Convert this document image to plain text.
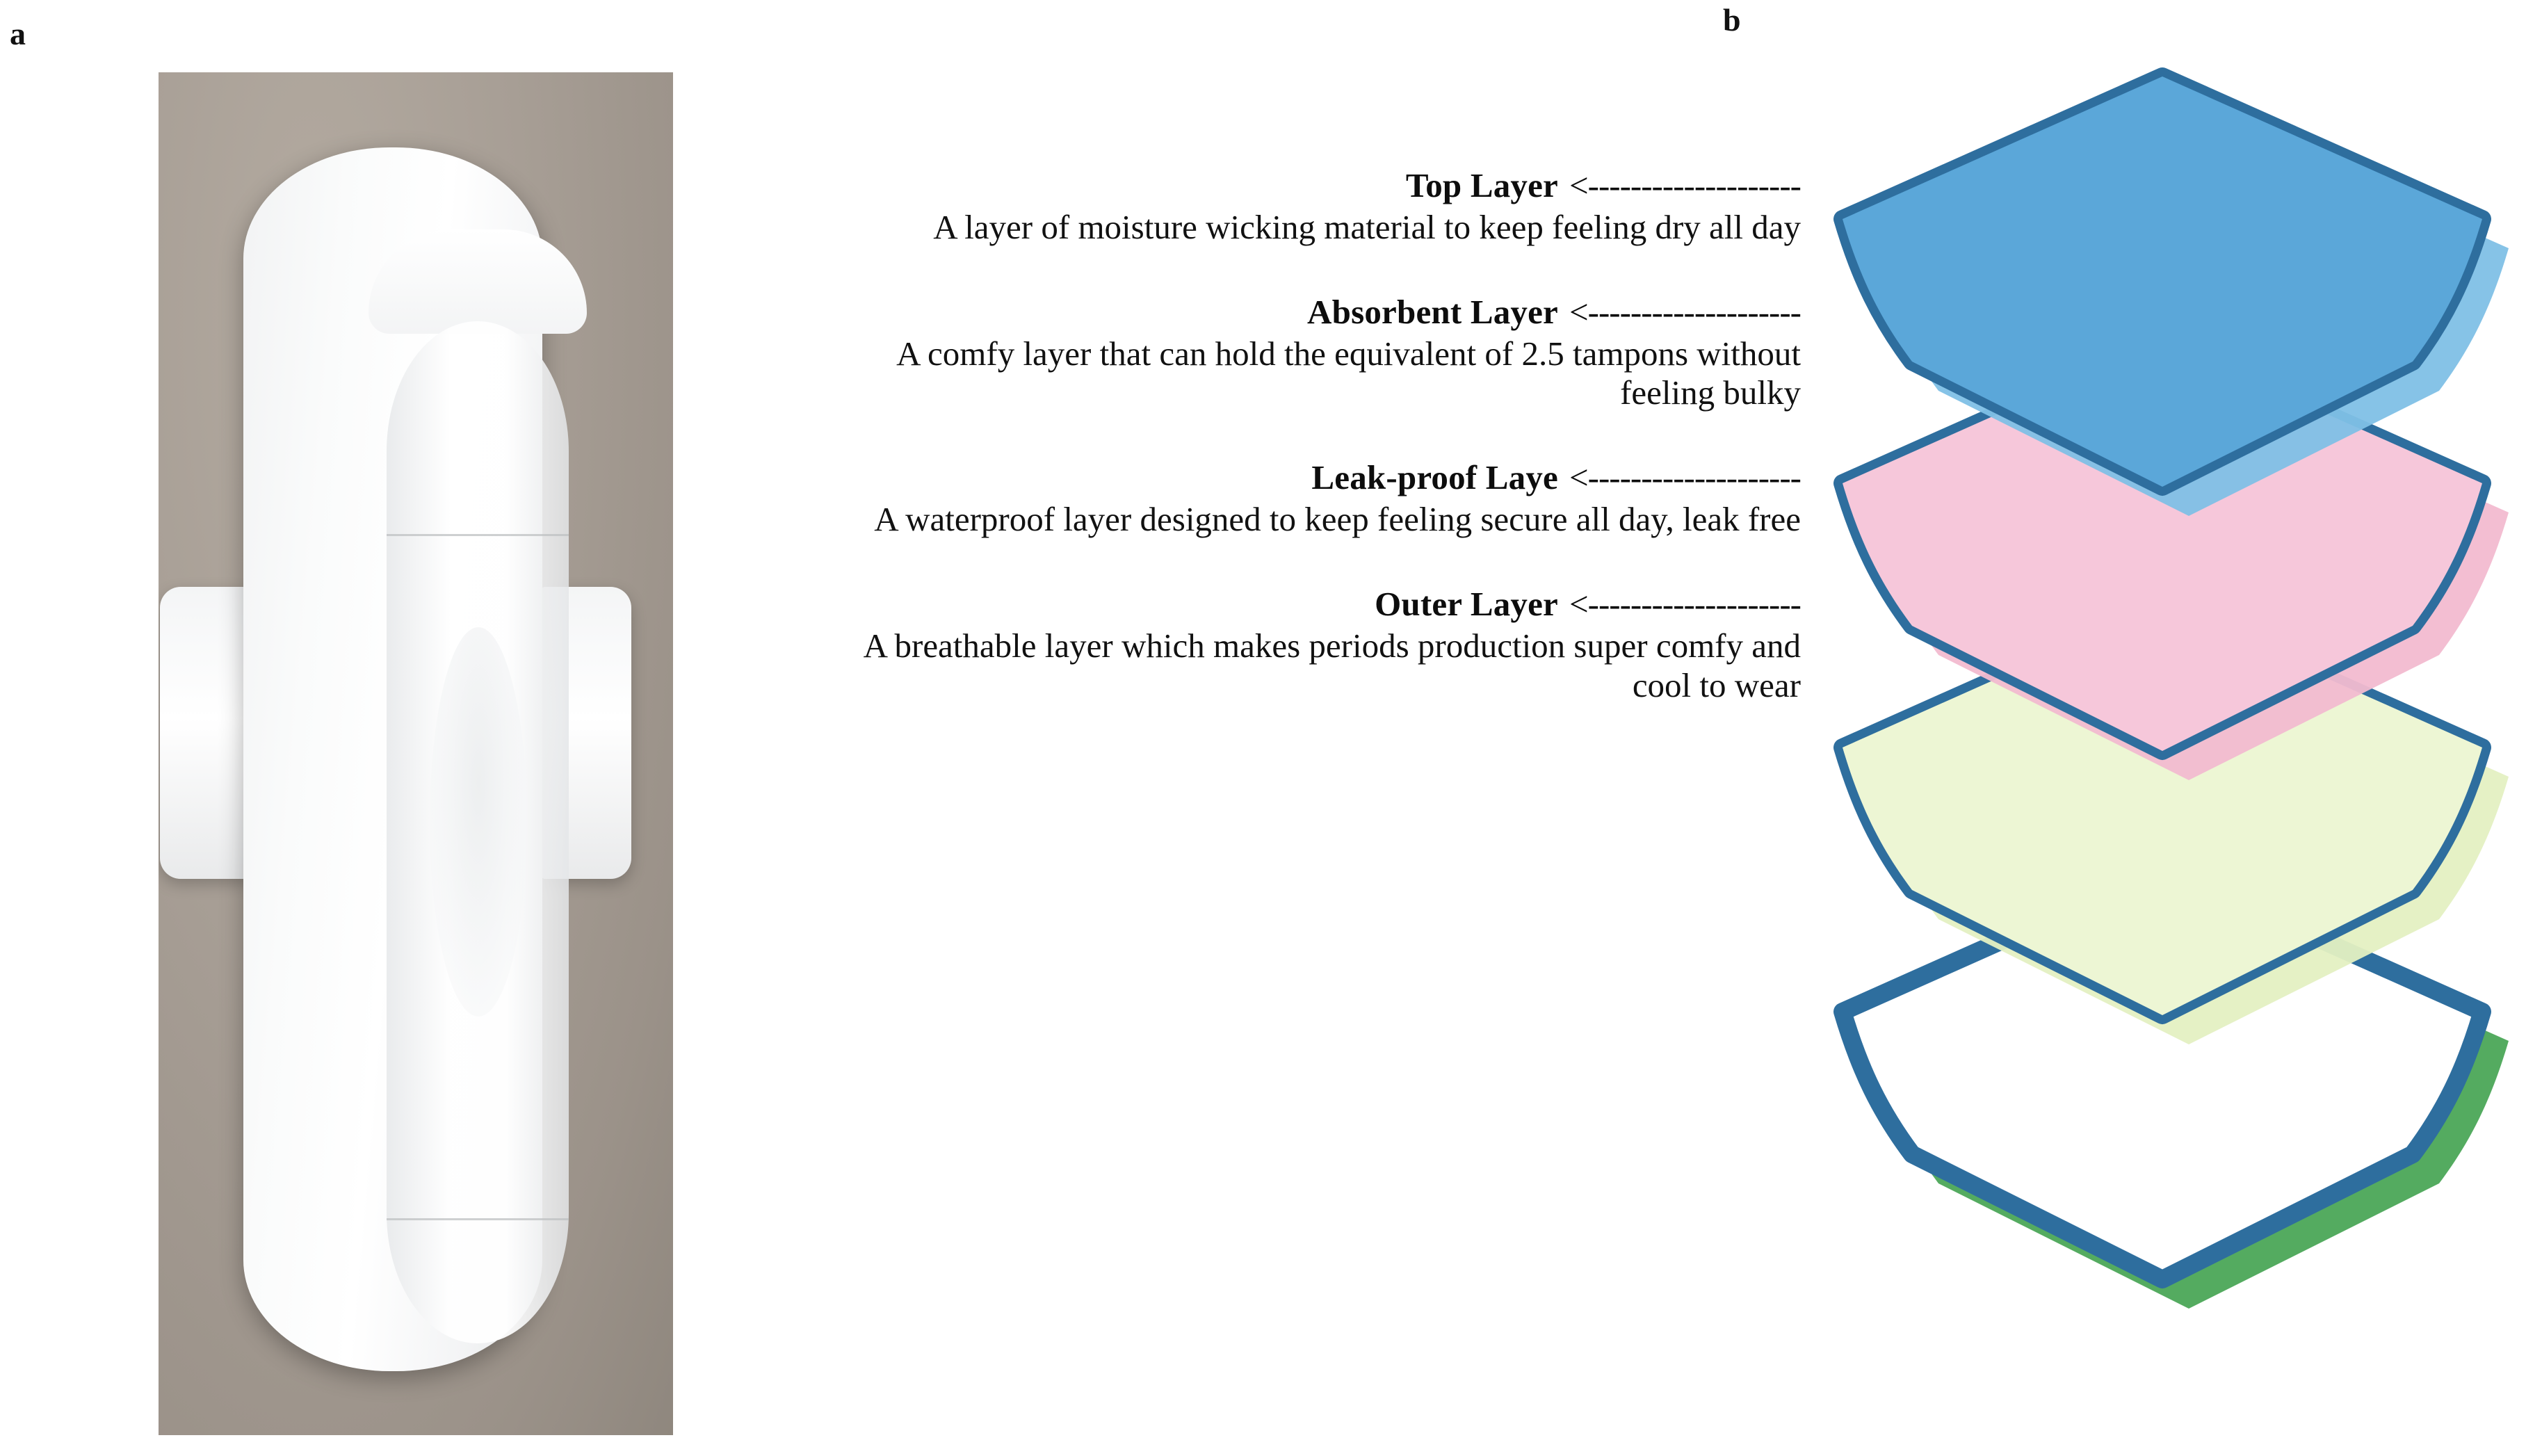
a	b
Top Layer <--------------------
A layer of moisture wicking material to keep feeling dry all day
Absorbent Layer <--------------------
A comfy layer that can hold the equivalent of 2.5 tampons without feeling bulky
Leak-proof Laye <--------------------
A waterproof layer designed to keep feeling secure all day, leak free
Outer Layer <--------------------
A breathable layer which makes periods production super comfy and cool to wear
